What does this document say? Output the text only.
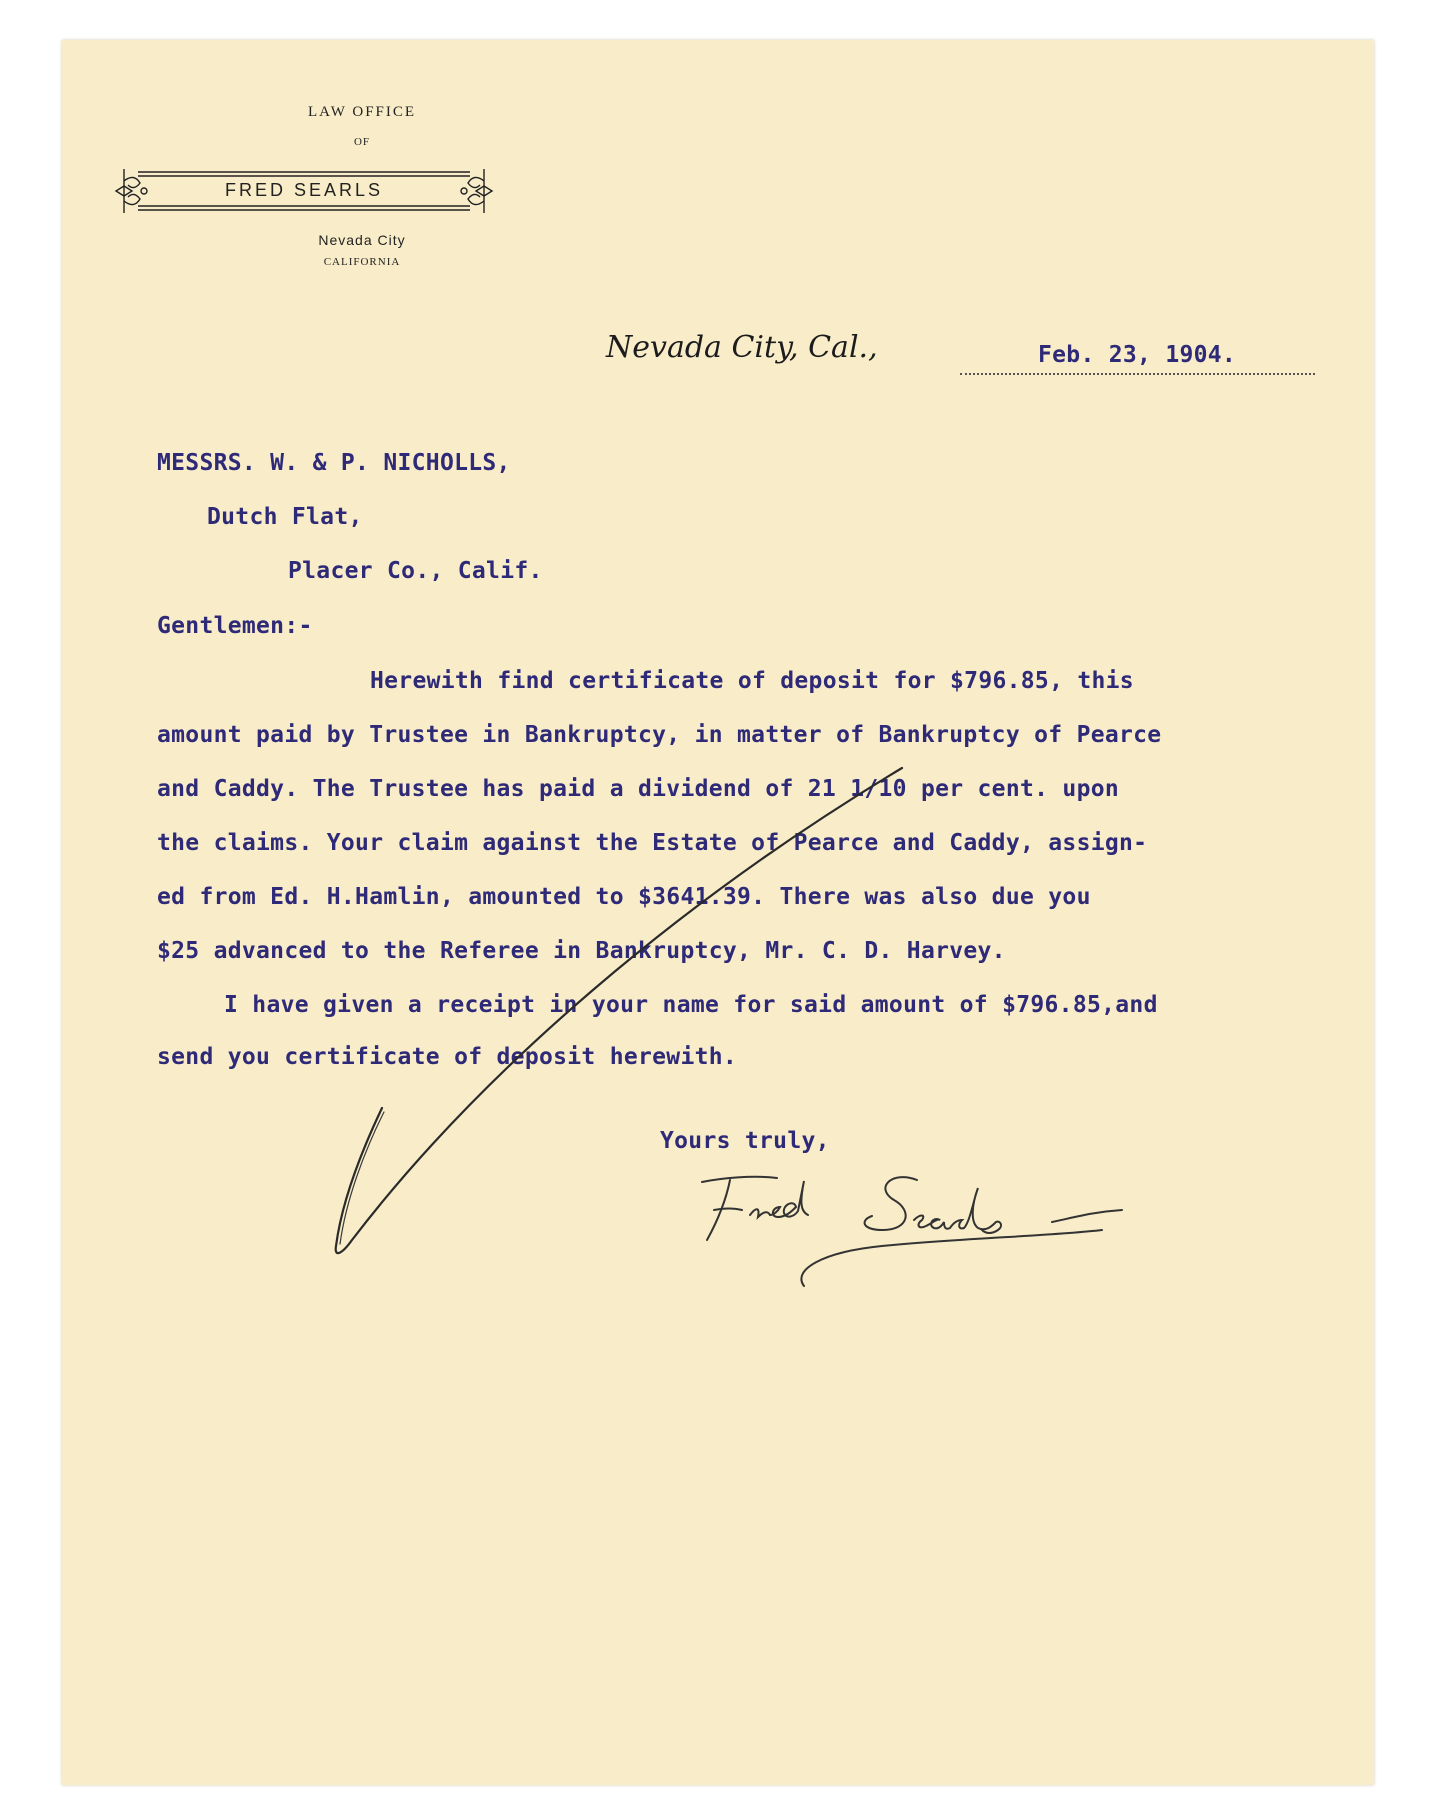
LAW OFFICE
OF
FRED SEARLS
Nevada City
CALIFORNIA
Nevada City, Cal.,	Feb. 23, 1904.
MESSRS. W. & P. NICHOLLS,
Dutch Flat,
Placer Co., Calif.
Gentlemen:-
Herewith find certificate of deposit for $796.85, this
amount paid by Trustee in Bankruptcy, in matter of Bankruptcy of Pearce
and Caddy. The Trustee has paid a dividend of 21 1/10 per cent. upon
the claims. Your claim against the Estate of Pearce and Caddy, assign-
ed from Ed. H.Hamlin, amounted to $3641.39. There was also due you
$25 advanced to the Referee in Bankruptcy, Mr. C. D. Harvey.
I have given a receipt in your name for said amount of $796.85,and
send you certificate of deposit herewith.
Yours truly,
